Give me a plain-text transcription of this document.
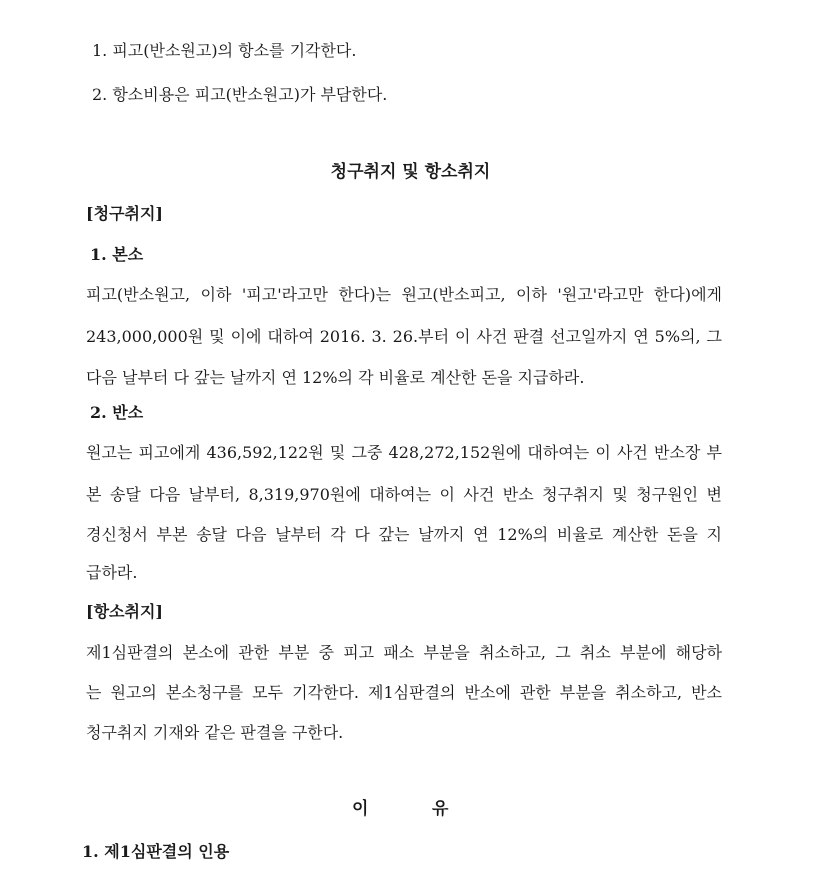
1. 피고(반소원고)의 항소를 기각한다.

2. 항소비용은 피고(반소원고)가 부담한다.

청구취지 및 항소취지

[청구취지]

1. 본소

피고(반소원고, 이하 '피고'라고만 한다)는 원고(반소피고, 이하 '원고'라고만 한다)에게

243,000,000원 및 이에 대하여 2016. 3. 26.부터 이 사건 판결 선고일까지 연 5%의, 그

다음 날부터 다 갚는 날까지 연 12%의 각 비율로 계산한 돈을 지급하라.

2. 반소

원고는 피고에게 436,592,122원 및 그중 428,272,152원에 대하여는 이 사건 반소장 부

본 송달 다음 날부터, 8,319,970원에 대하여는 이 사건 반소 청구취지 및 청구원인 변

경신청서 부본 송달 다음 날부터 각 다 갚는 날까지 연 12%의 비율로 계산한 돈을 지

급하라.

[항소취지]

제1심판결의 본소에 관한 부분 중 피고 패소 부분을 취소하고, 그 취소 부분에 해당하

는 원고의 본소청구를 모두 기각한다. 제1심판결의 반소에 관한 부분을 취소하고, 반소

청구취지 기재와 같은 판결을 구한다.

이	유

1. 제1심판결의 인용
